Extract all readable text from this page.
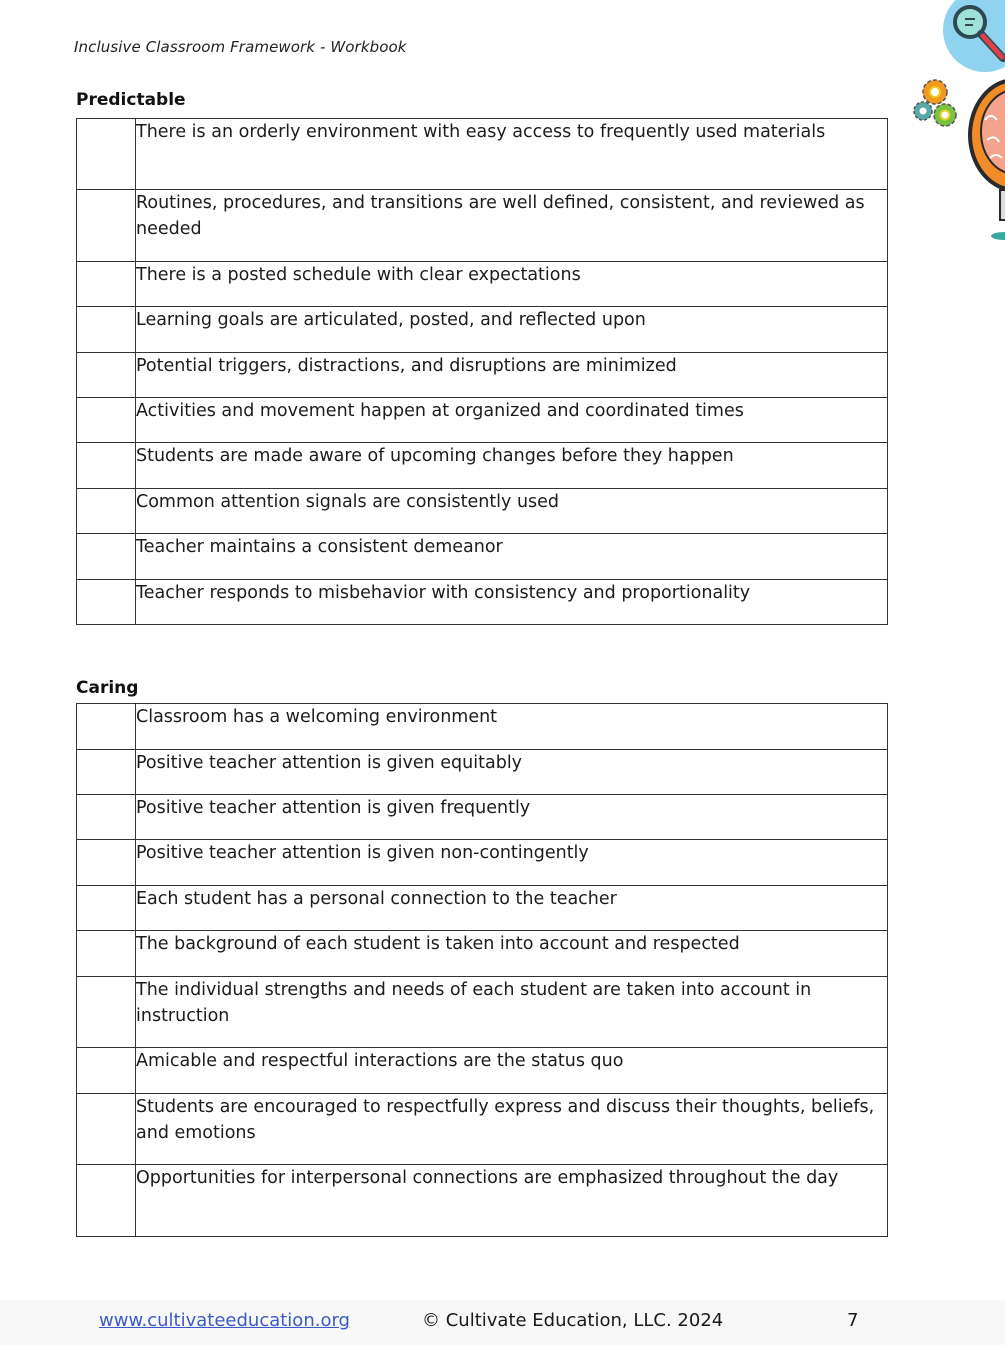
Inclusive Classroom Framework - Workbook
Predictable
	There is an orderly environment with easy access to frequently used materials
	Routines, procedures, and transitions are well defined, consistent, and reviewed as needed
	There is a posted schedule with clear expectations
	Learning goals are articulated, posted, and reflected upon
	Potential triggers, distractions, and disruptions are minimized
	Activities and movement happen at organized and coordinated times
	Students are made aware of upcoming changes before they happen
	Common attention signals are consistently used
	Teacher maintains a consistent demeanor
	Teacher responds to misbehavior with consistency and proportionality
Caring
	Classroom has a welcoming environment
	Positive teacher attention is given equitably
	Positive teacher attention is given frequently
	Positive teacher attention is given non-contingently
	Each student has a personal connection to the teacher
	The background of each student is taken into account and respected
	The individual strengths and needs of each student are taken into account in instruction
	Amicable and respectful interactions are the status quo
	Students are encouraged to respectfully express and discuss their thoughts, beliefs, and emotions
	Opportunities for interpersonal connections are emphasized throughout the day
www.cultivateeducation.org	© Cultivate Education, LLC. 2024	7
